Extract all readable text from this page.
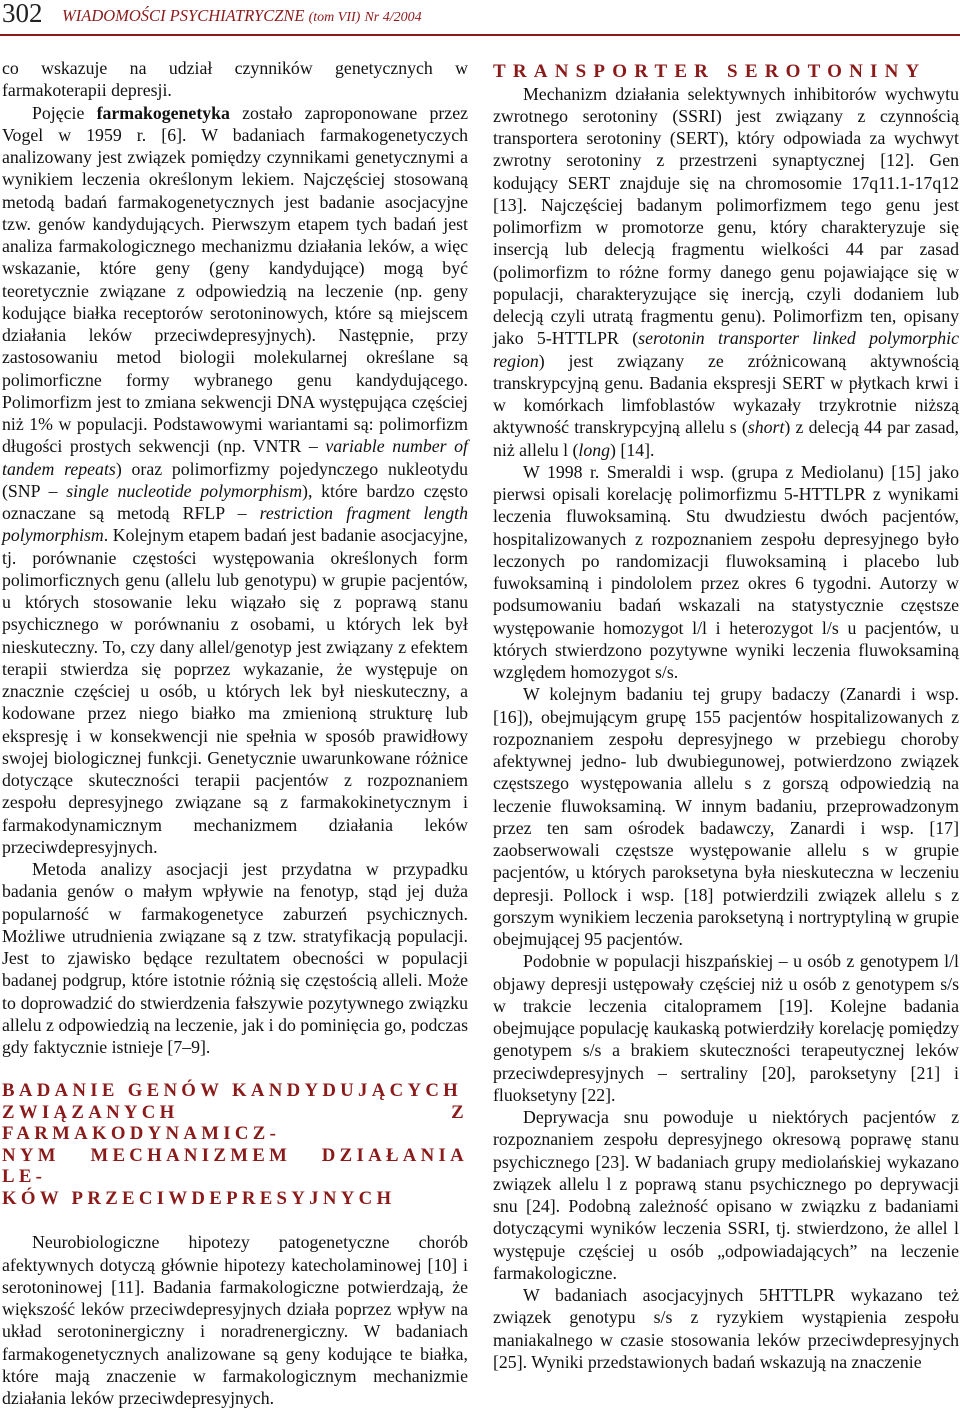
302 WIADOMOŚCI PSYCHIATRYCZNE (tom VII) Nr 4/2004

co wskazuje na udział czynników genetycznych w farmakoterapii depresji.

Pojęcie farmakogenetyka zostało zaproponowane przez Vogel w 1959 r. [6]. W badaniach farmakogenetyczych analizowany jest związek pomiędzy czynnikami genetycznymi a wynikiem leczenia określonym lekiem. Najczęściej stosowaną metodą badań farmakogenetycznych jest badanie asocjacyjne tzw. genów kandydujących. Pierwszym etapem tych badań jest analiza farmakologicznego mechanizmu działania leków, a więc wskazanie, które geny (geny kandydujące) mogą być teoretycznie związane z odpowiedzią na leczenie (np. geny kodujące białka receptorów serotoninowych, które są miejscem działania leków przeciwdepresyjnych). Następnie, przy zastosowaniu metod biologii molekularnej określane są polimorficzne formy wybranego genu kandydującego. Polimorfizm jest to zmiana sekwencji DNA występująca częściej niż 1% w populacji. Podstawowymi wariantami są: polimorfizm długości prostych sekwencji (np. VNTR – variable number of tandem repeats) oraz polimorfizmy pojedynczego nukleotydu (SNP – single nucleotide polymorphism), które bardzo często oznaczane są metodą RFLP – restriction fragment length polymorphism. Kolejnym etapem badań jest badanie asocjacyjne, tj. porównanie częstości występowania określonych form polimorficznych genu (allelu lub genotypu) w grupie pacjentów, u których stosowanie leku wiązało się z poprawą stanu psychicznego w porównaniu z osobami, u których lek był nieskuteczny. To, czy dany allel/genotyp jest związany z efektem terapii stwierdza się poprzez wykazanie, że występuje on znacznie częściej u osób, u których lek był nieskuteczny, a kodowane przez niego białko ma zmienioną strukturę lub ekspresję i w konsekwencji nie spełnia w sposób prawidłowy swojej biologicznej funkcji. Genetycznie uwarunkowane różnice dotyczące skuteczności terapii pacjentów z rozpoznaniem zespołu depresyjnego związane są z farmakokinetycznym i farmakodynamicznym mechanizmem działania leków przeciwdepresyjnych.

Metoda analizy asocjacji jest przydatna w przypadku badania genów o małym wpływie na fenotyp, stąd jej duża popularność w farmakogenetyce zaburzeń psychicznych. Możliwe utrudnienia związane są z tzw. stratyfikacją populacji. Jest to zjawisko będące rezultatem obecności w populacji badanej podgrup, które istotnie różnią się częstością alleli. Może to doprowadzić do stwierdzenia fałszywie pozytywnego związku allelu z odpowiedzią na leczenie, jak i do pominięcia go, podczas gdy faktycznie istnieje [7–9].

BADANIE GENÓW KANDYDUJĄCYCH
ZWIĄZANYCH Z FARMAKODYNAMICZ-
NYM MECHANIZMEM DZIAŁANIA LE-
KÓW PRZECIWDEPRESYJNYCH

Neurobiologiczne hipotezy patogenetyczne chorób afektywnych dotyczą głównie hipotezy katecholaminowej [10] i serotoninowej [11]. Badania farmakologiczne potwierdzają, że większość leków przeciwdepresyjnych działa poprzez wpływ na układ serotoninergiczny i noradrenergiczny. W badaniach farmakogenetycznych analizowane są geny kodujące te białka, które mają znaczenie w farmakologicznym mechanizmie działania leków przeciwdepresyjnych.

TRANSPORTER SEROTONINY

Mechanizm działania selektywnych inhibitorów wychwytu zwrotnego serotoniny (SSRI) jest związany z czynnością transportera serotoniny (SERT), który odpowiada za wychwyt zwrotny serotoniny z przestrzeni synaptycznej [12]. Gen kodujący SERT znajduje się na chromosomie 17q11.1-17q12 [13]. Najczęściej badanym polimorfizmem tego genu jest polimorfizm w promotorze genu, który charakteryzuje się insercją lub delecją fragmentu wielkości 44 par zasad (polimorfizm to różne formy danego genu pojawiające się w populacji, charakteryzujące się inercją, czyli dodaniem lub delecją czyli utratą fragmentu genu). Polimorfizm ten, opisany jako 5-HTTLPR (serotonin transporter linked polymorphic region) jest związany ze zróżnicowaną aktywnością transkrypcyjną genu. Badania ekspresji SERT w płytkach krwi i w komórkach limfoblastów wykazały trzykrotnie niższą aktywność transkrypcyjną allelu s (short) z delecją 44 par zasad, niż allelu l (long) [14].

W 1998 r. Smeraldi i wsp. (grupa z Mediolanu) [15] jako pierwsi opisali korelację polimorfizmu 5-HTTLPR z wynikami leczenia fluwoksaminą. Stu dwudziestu dwóch pacjentów, hospitalizowanych z rozpoznaniem zespołu depresyjnego było leczonych po randomizacji fluwoksaminą i placebo lub fuwoksaminą i pindololem przez okres 6 tygodni. Autorzy w podsumowaniu badań wskazali na statystycznie częstsze występowanie homozygot l/l i heterozygot l/s u pacjentów, u których stwierdzono pozytywne wyniki leczenia fluwoksaminą względem homozygot s/s.

W kolejnym badaniu tej grupy badaczy (Zanardi i wsp. [16]), obejmującym grupę 155 pacjentów hospitalizowanych z rozpoznaniem zespołu depresyjnego w przebiegu choroby afektywnej jedno- lub dwubiegunowej, potwierdzono związek częstszego występowania allelu s z gorszą odpowiedzią na leczenie fluwoksaminą. W innym badaniu, przeprowadzonym przez ten sam ośrodek badawczy, Zanardi i wsp. [17] zaobserwowali częstsze występowanie allelu s w grupie pacjentów, u których paroksetyna była nieskuteczna w leczeniu depresji. Pollock i wsp. [18] potwierdzili związek allelu s z gorszym wynikiem leczenia paroksetyną i nortryptyliną w grupie obejmującej 95 pacjentów.

Podobnie w populacji hiszpańskiej – u osób z genotypem l/l objawy depresji ustępowały częściej niż u osób z genotypem s/s w trakcie leczenia citalopramem [19]. Kolejne badania obejmujące populację kaukaską potwierdziły korelację pomiędzy genotypem s/s a brakiem skuteczności terapeutycznej leków przeciwdepresyjnych – sertraliny [20], paroksetyny [21] i fluoksetyny [22].

Deprywacja snu powoduje u niektórych pacjentów z rozpoznaniem zespołu depresyjnego okresową poprawę stanu psychicznego [23]. W badaniach grupy mediolańskiej wykazano związek allelu l z poprawą stanu psychicznego po deprywacji snu [24]. Podobną zależność opisano w związku z badaniami dotyczącymi wyników leczenia SSRI, tj. stwierdzono, że allel l występuje częściej u osób „odpowiadających” na leczenie farmakologiczne.

W badaniach asocjacyjnych 5HTTLPR wykazano też związek genotypu s/s z ryzykiem wystąpienia zespołu maniakalnego w czasie stosowania leków przeciwdepresyjnych [25]. Wyniki przedstawionych badań wskazują na znaczenie
